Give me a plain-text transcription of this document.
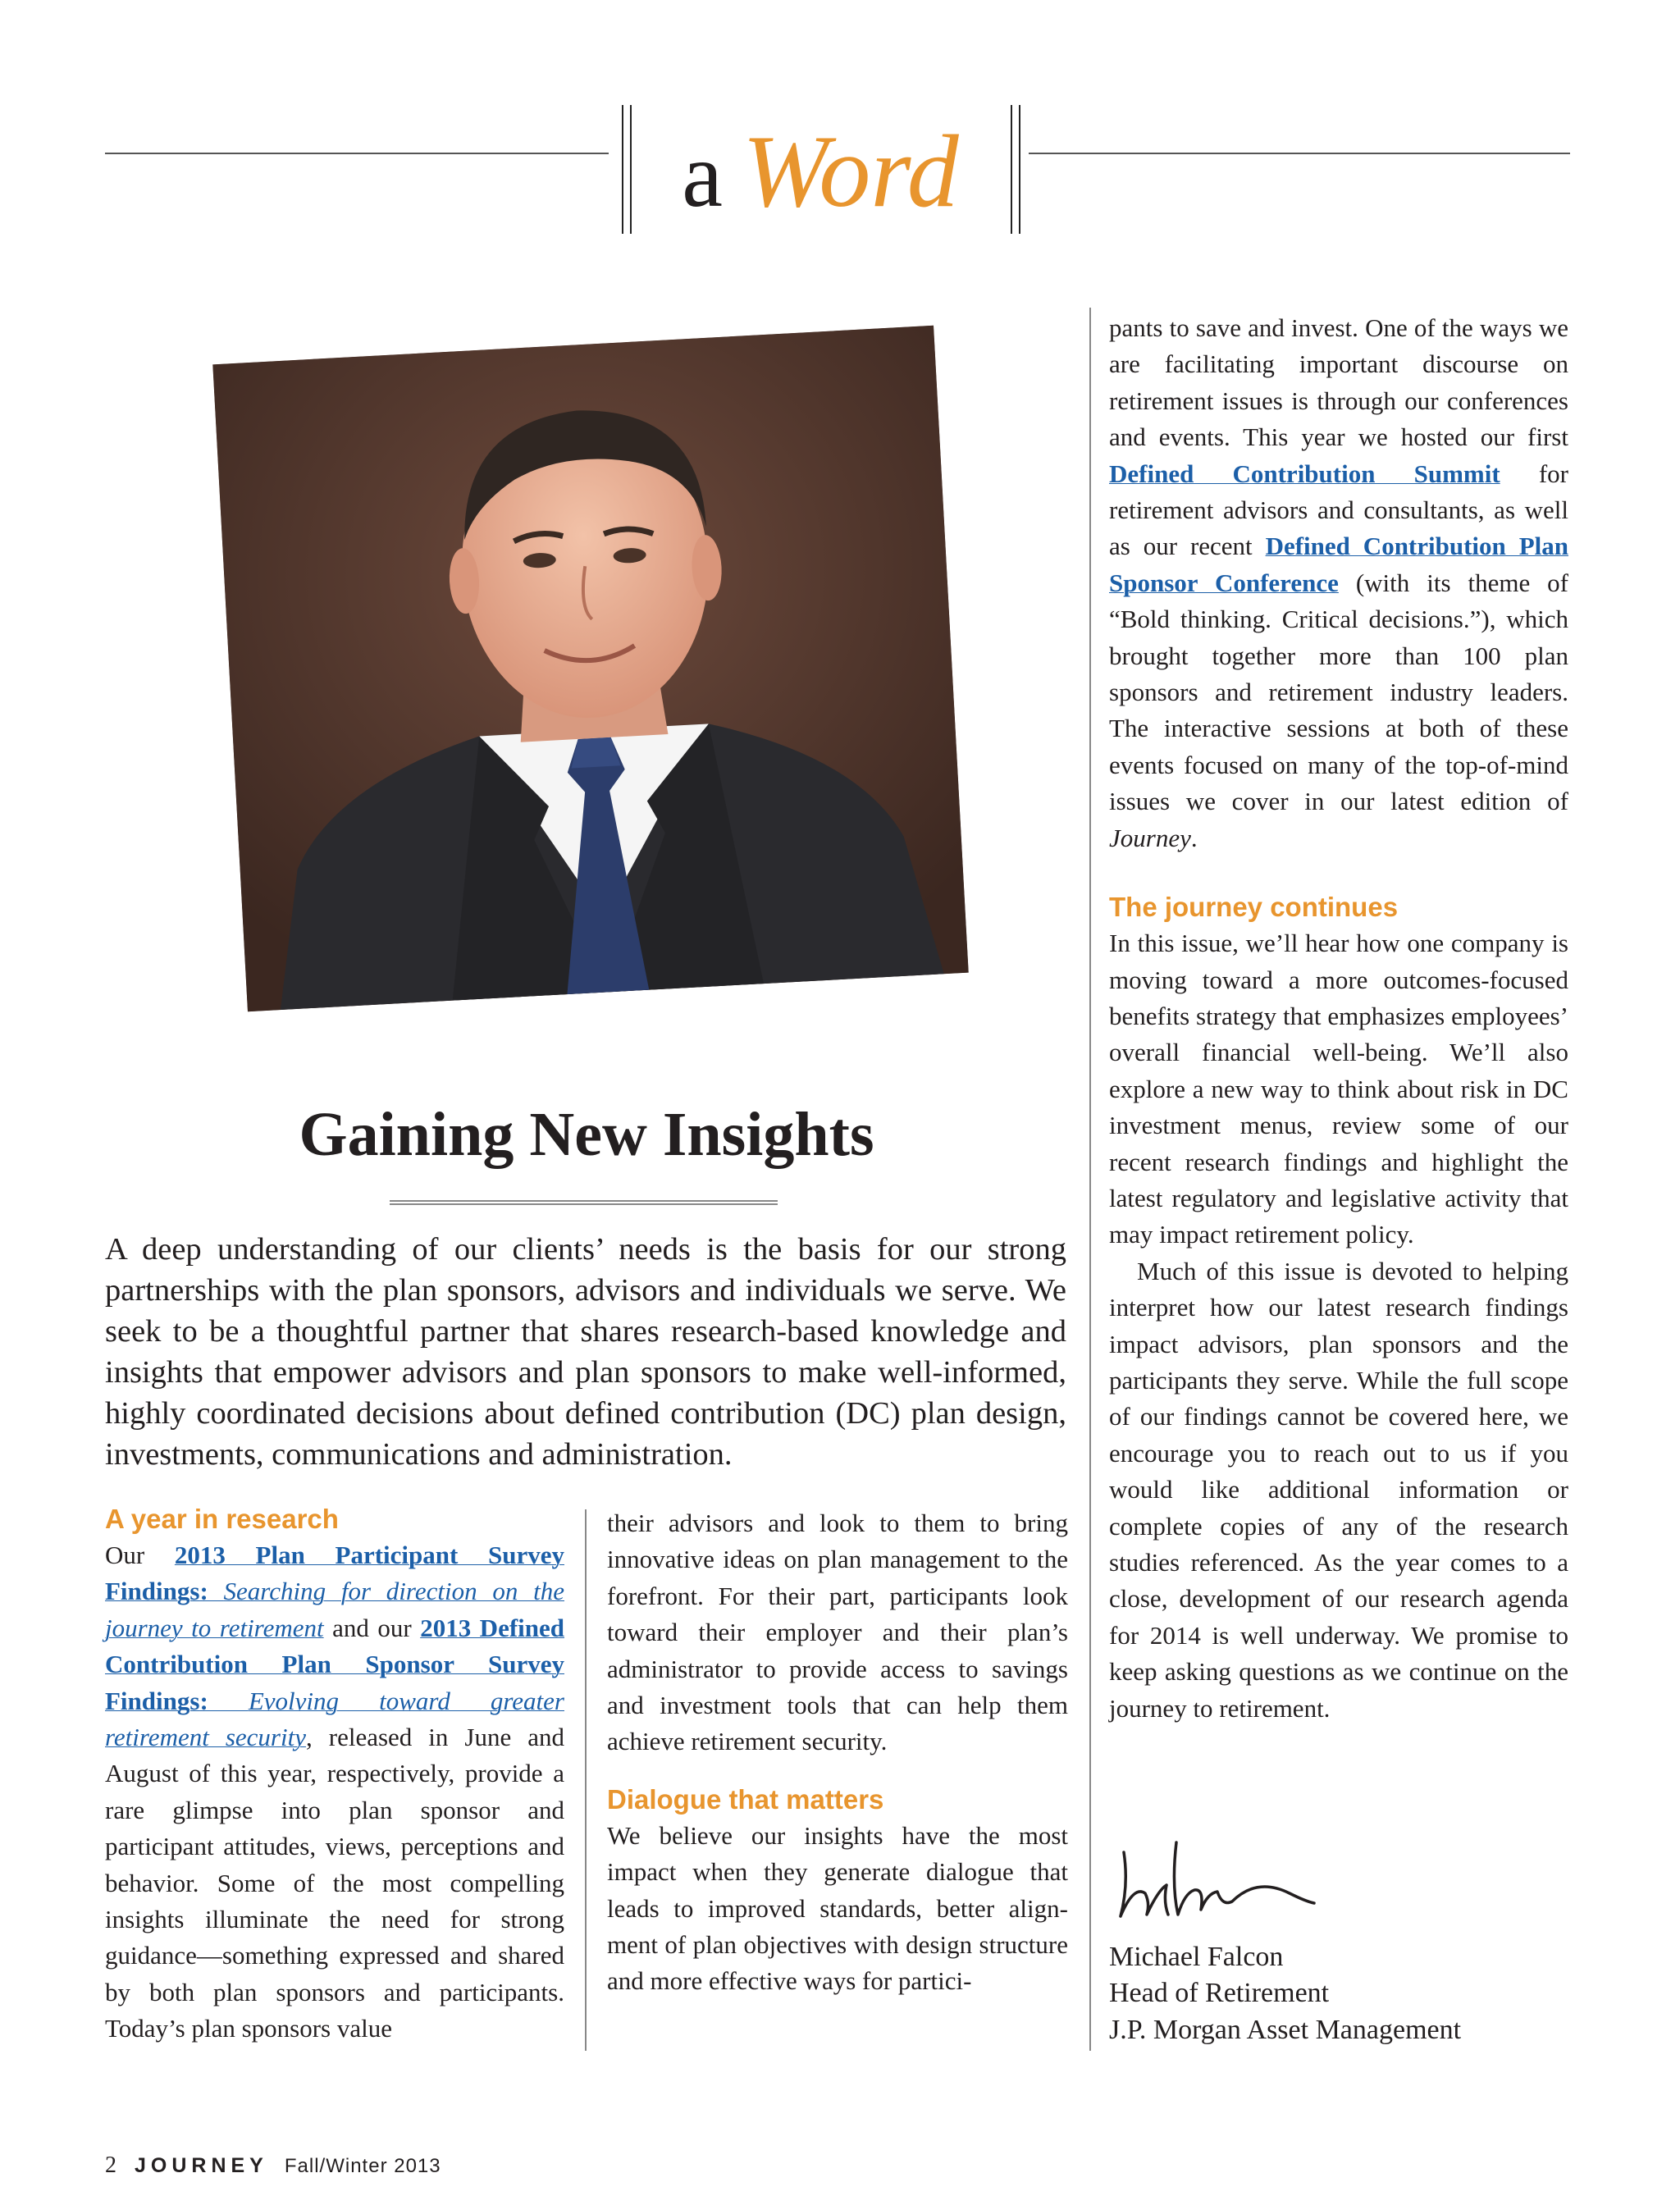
a Word
Gaining New Insights
A deep understanding of our clients’ needs is the basis for our strong partnerships with the plan sponsors, advisors and individuals we serve. We seek to be a thoughtful partner that shares research-based knowledge and insights that empower advisors and plan sponsors to make well-informed, highly coordinated decisions about defined contribution (DC) plan design, investments, communications and administration.
A year in research

Our 2013 Plan Participant Survey Findings: Searching for direction on the journey to retirement and our 2013 Defined Contribution Plan Sponsor Survey Findings: Evolving toward greater retirement security, released in June and August of this year, respectively, provide a rare glimpse into plan sponsor and participant attitudes, views, perceptions and behavior. Some of the most compelling insights illuminate the need for strong guidance—something expressed and shared by both plan sponsors and participants. Today’s plan sponsors value

their advisors and look to them to bring innovative ideas on plan management to the forefront. For their part, participants look toward their employer and their plan’s administrator to provide access to savings and investment tools that can help them achieve retirement security.

Dialogue that matters

We believe our insights have the most impact when they generate dialogue that leads to improved standards, better alignment of plan objectives with design structure and more effective ways for partici-

pants to save and invest. One of the ways we are facilitating important discourse on retirement issues is through our conferences and events. This year we hosted our first Defined Contribution Summit for retirement advisors and consultants, as well as our recent Defined Contribution Plan Sponsor Conference (with its theme of “Bold thinking. Critical decisions.”), which brought together more than 100 plan sponsors and retirement industry leaders. The interactive sessions at both of these events focused on many of the top-of-mind issues we cover in our latest edition of Journey.

The journey continues

In this issue, we’ll hear how one company is moving toward a more outcomes-focused benefits strategy that emphasizes employees’ overall financial well-being. We’ll also explore a new way to think about risk in DC investment menus, review some of our recent research findings and highlight the latest regulatory and legislative activity that may impact retirement policy.

Much of this issue is devoted to helping interpret how our latest research findings impact advisors, plan sponsors and the participants they serve. While the full scope of our findings cannot be covered here, we encourage you to reach out to us if you would like additional information or complete copies of any of the research studies referenced. As the year comes to a close, development of our research agenda for 2014 is well underway. We promise to keep asking questions as we continue on the journey to retirement.

Michael Falcon
Head of Retirement
J.P. Morgan Asset Management
2 JOURNEY Fall/Winter 2013
